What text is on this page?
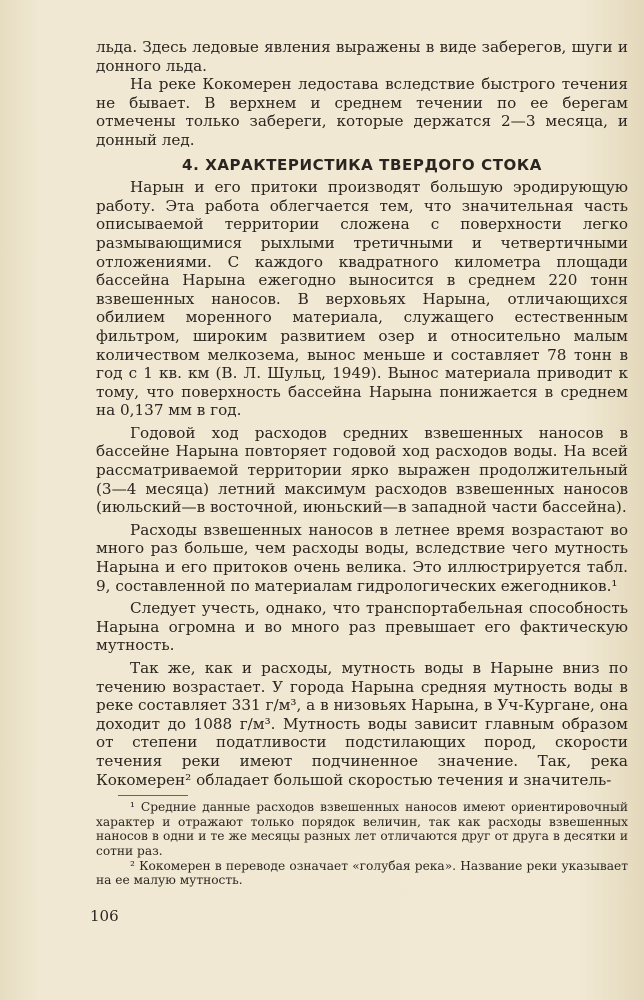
льда. Здесь ледовые явления выражены в виде заберегов, шуги и донного льда.

На реке Кокомерен ледостава вследствие быстрого течения не бывает. В верхнем и среднем течении по ее берегам отмечены только забереги, которые держатся 2—3 месяца, и донный лед.

4. ХАРАКТЕРИСТИКА ТВЕРДОГО СТОКА

Нарын и его притоки производят большую эродирующую работу. Эта работа облегчается тем, что значительная часть описываемой территории сложена с поверхности легко размывающимися рыхлыми третичными и четвертичными отложениями. С каждого квадратного километра площади бассейна Нарына ежегодно выносится в среднем 220 тонн взвешенных наносов. В верховьях Нарына, отличающихся обилием моренного материала, служащего естественным фильтром, широким развитием озер и относительно малым количеством мелкозема, вынос меньше и составляет 78 тонн в год с 1 кв. км (В. Л. Шульц, 1949). Вынос материала приводит к тому, что поверхность бассейна Нарына понижается в среднем на 0,137 мм в год.

Годовой ход расходов средних взвешенных наносов в бассейне Нарына повторяет годовой ход расходов воды. На всей рассматриваемой территории ярко выражен продолжительный (3—4 месяца) летний максимум расходов взвешенных наносов (июльский—в восточной, июньский—в западной части бассейна).

Расходы взвешенных наносов в летнее время возрастают во много раз больше, чем расходы воды, вследствие чего мутность Нарына и его притоков очень велика. Это иллюстрируется табл. 9, составленной по материалам гидрологических ежегодников.¹

Следует учесть, однако, что транспортабельная способность Нарына огромна и во много раз превышает его фактическую мутность.

Так же, как и расходы, мутность воды в Нарыне вниз по течению возрастает. У города Нарына средняя мутность воды в реке составляет 331 г/м³, а в низовьях Нарына, в Уч-Кургане, она доходит до 1088 г/м³. Мутность воды зависит главным образом от степени податливости подстилающих пород, скорости течения реки имеют подчиненное значение. Так, река Кокомерен² обладает большой скоростью течения и значитель-

¹ Средние данные расходов взвешенных наносов имеют ориентировочный характер и отражают только порядок величин, так как расходы взвешенных наносов в одни и те же месяцы разных лет отличаются друг от друга в десятки и сотни раз.

² Кокомерен в переводе означает «голубая река». Название реки указывает на ее малую мутность.

106
